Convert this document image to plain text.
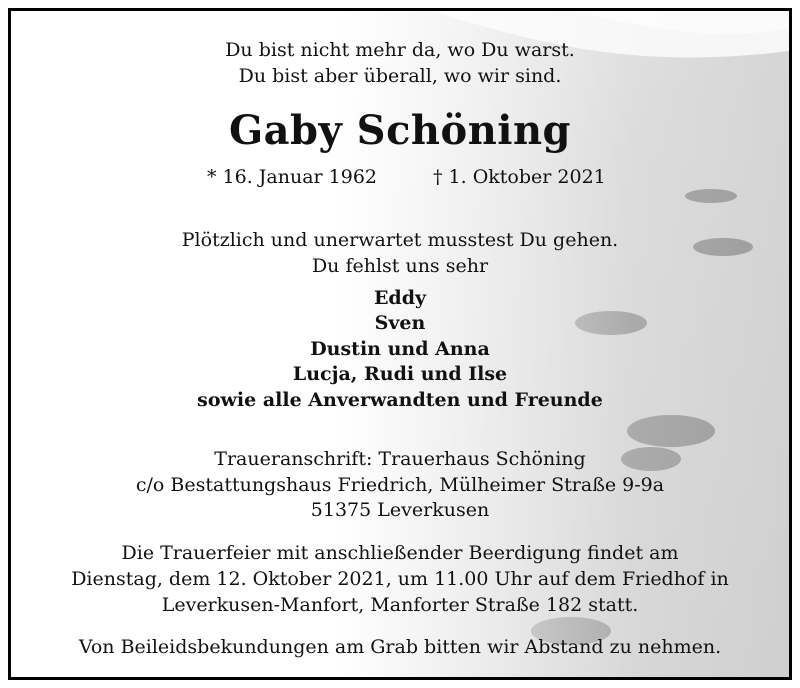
Du bist nicht mehr da, wo Du warst.
Du bist aber überall, wo wir sind.
Gaby Schöning
* 16. Januar 1962	† 1. Oktober 2021
Plötzlich und unerwartet musstest Du gehen.
Du fehlst uns sehr
Eddy
Sven
Dustin und Anna
Lucja, Rudi und Ilse
sowie alle Anverwandten und Freunde
Traueranschrift: Trauerhaus Schöning
c/o Bestattungshaus Friedrich, Mülheimer Straße 9-9a
51375 Leverkusen
Die Trauerfeier mit anschließender Beerdigung findet am
Dienstag, dem 12. Oktober 2021, um 11.00 Uhr auf dem Friedhof in
Leverkusen-Manfort, Manforter Straße 182 statt.
Von Beileidsbekundungen am Grab bitten wir Abstand zu nehmen.
